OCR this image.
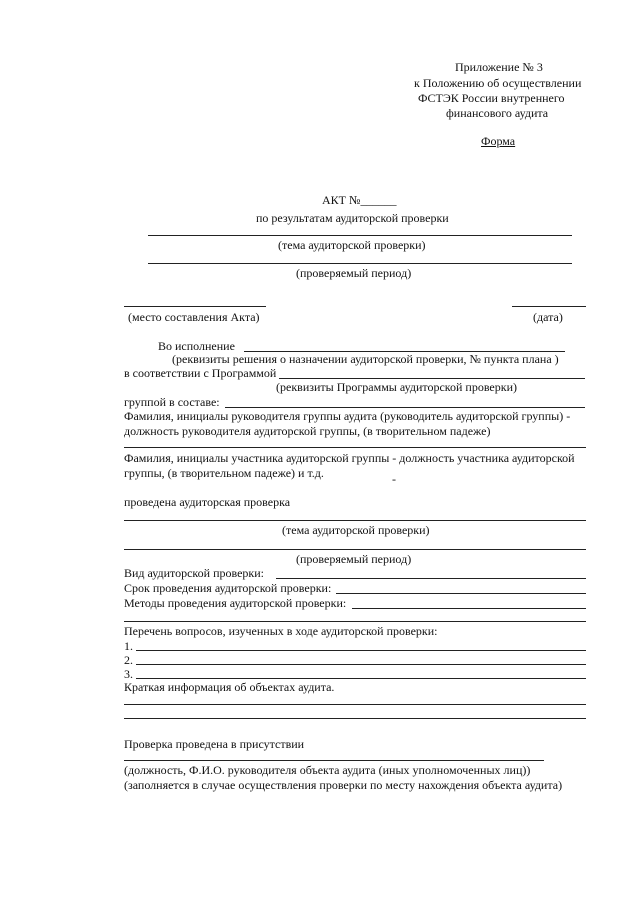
Приложение № 3
к Положению об осуществлении
ФСТЭК России внутреннего
финансового аудита
Форма
АКТ №______
по результатам аудиторской проверки
(тема аудиторской проверки)
(проверяемый период)
(место составления Акта)	(дата)
Во исполнение
(реквизиты решения о назначении аудиторской проверки, № пункта плана )
в соответствии с Программой
(реквизиты Программы аудиторской проверки)
группой в составе:
Фамилия, инициалы руководителя группы аудита (руководитель аудиторской группы) -
должность руководителя аудиторской группы, (в творительном падеже)
Фамилия, инициалы участника аудиторской группы - должность участника аудиторской
группы, (в творительном падеже) и т.д.	-
проведена аудиторская проверка
(тема аудиторской проверки)
(проверяемый период)
Вид аудиторской проверки:
Срок проведения аудиторской проверки:
Методы проведения аудиторской проверки:
Перечень вопросов, изученных в ходе аудиторской проверки:
1.
2.
3.
Краткая информация об объектах аудита.
Проверка проведена в присутствии
(должность, Ф.И.О. руководителя объекта аудита (иных уполномоченных лиц))
(заполняется в случае осуществления проверки по месту нахождения объекта аудита)
